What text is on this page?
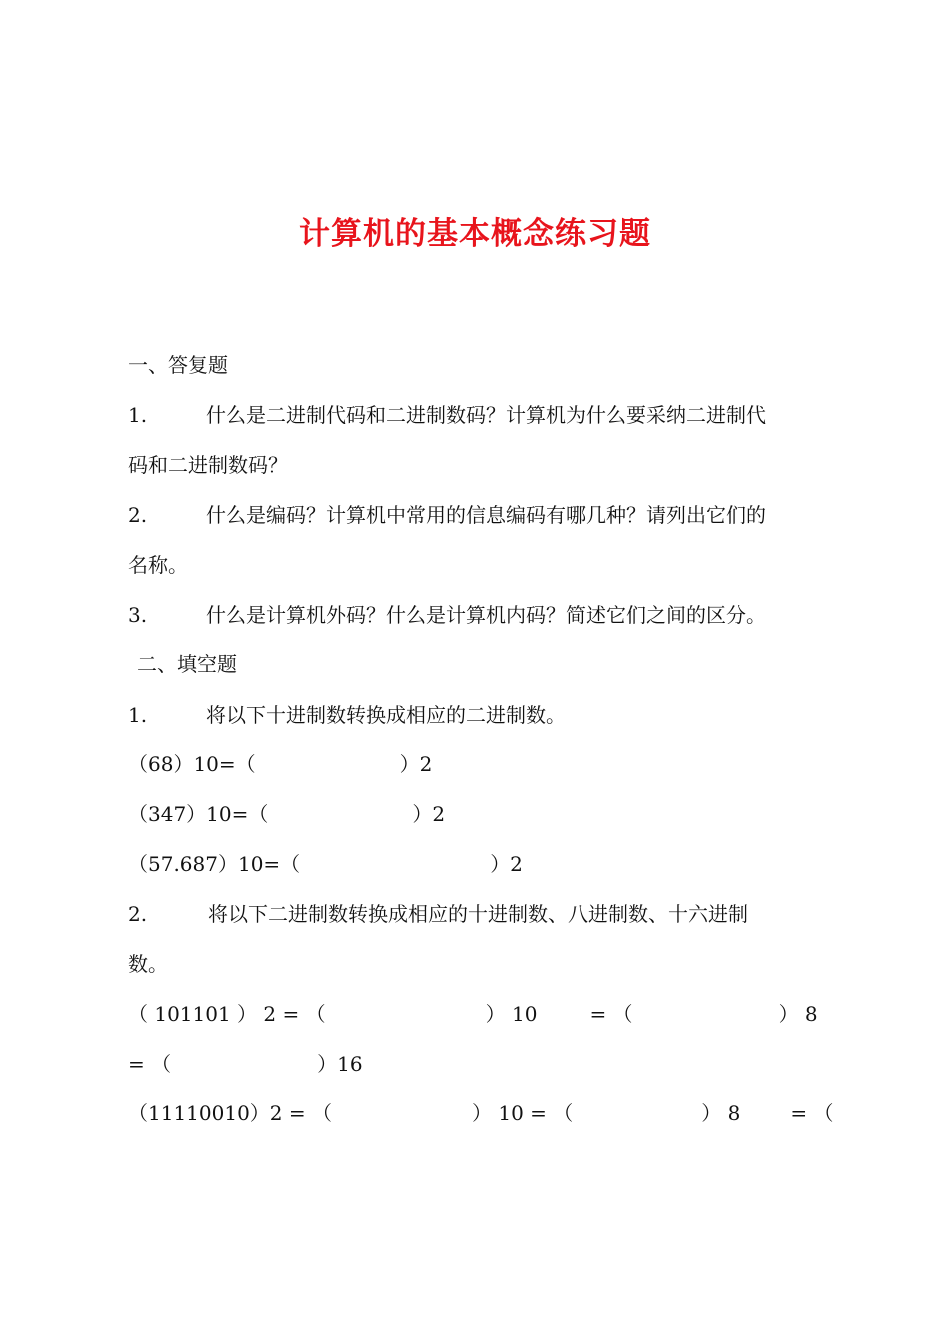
计算机的基本概念练习题
一、答复题
1.	什么是二进制代码和二进制数码？计算机为什么要采纳二进制代
码和二进制数码？
2.	什么是编码？计算机中常用的信息编码有哪几种？请列出它们的
名称。
3.	什么是计算机外码？什么是计算机内码？简述它们之间的区分。
二、填空题
1.	将以下十进制数转换成相应的二进制数。
（68）10=（	）2
（347）10=（	）2
（57.687）10=（	）2
2.	将以下二进制数转换成相应的十进制数、八进制数、十六进制
数。
（ 101101 ） 2 = （	） 10	= （	） 8
= （	）16
（11110010）2 = （	） 10 = （	） 8	= （
